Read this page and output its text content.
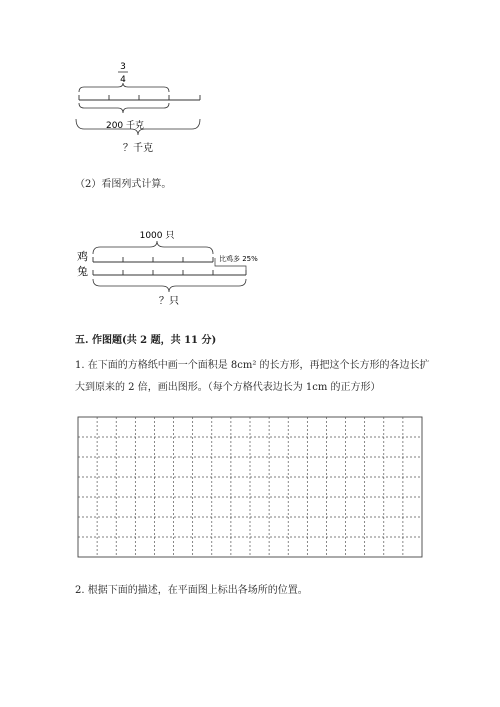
3
4
200 千克
？千克
（2）看图列式计算。
1000 只
鸡
兔
比鸡多 25%
？只
五. 作图题(共 2 题，共 11 分)
1. 在下面的方格纸中画一个面积是 8cm² 的长方形，再把这个长方形的各边长扩
大到原来的 2 倍，画出图形。（每个方格代表边长为 1cm 的正方形）
2. 根据下面的描述，在平面图上标出各场所的位置。
